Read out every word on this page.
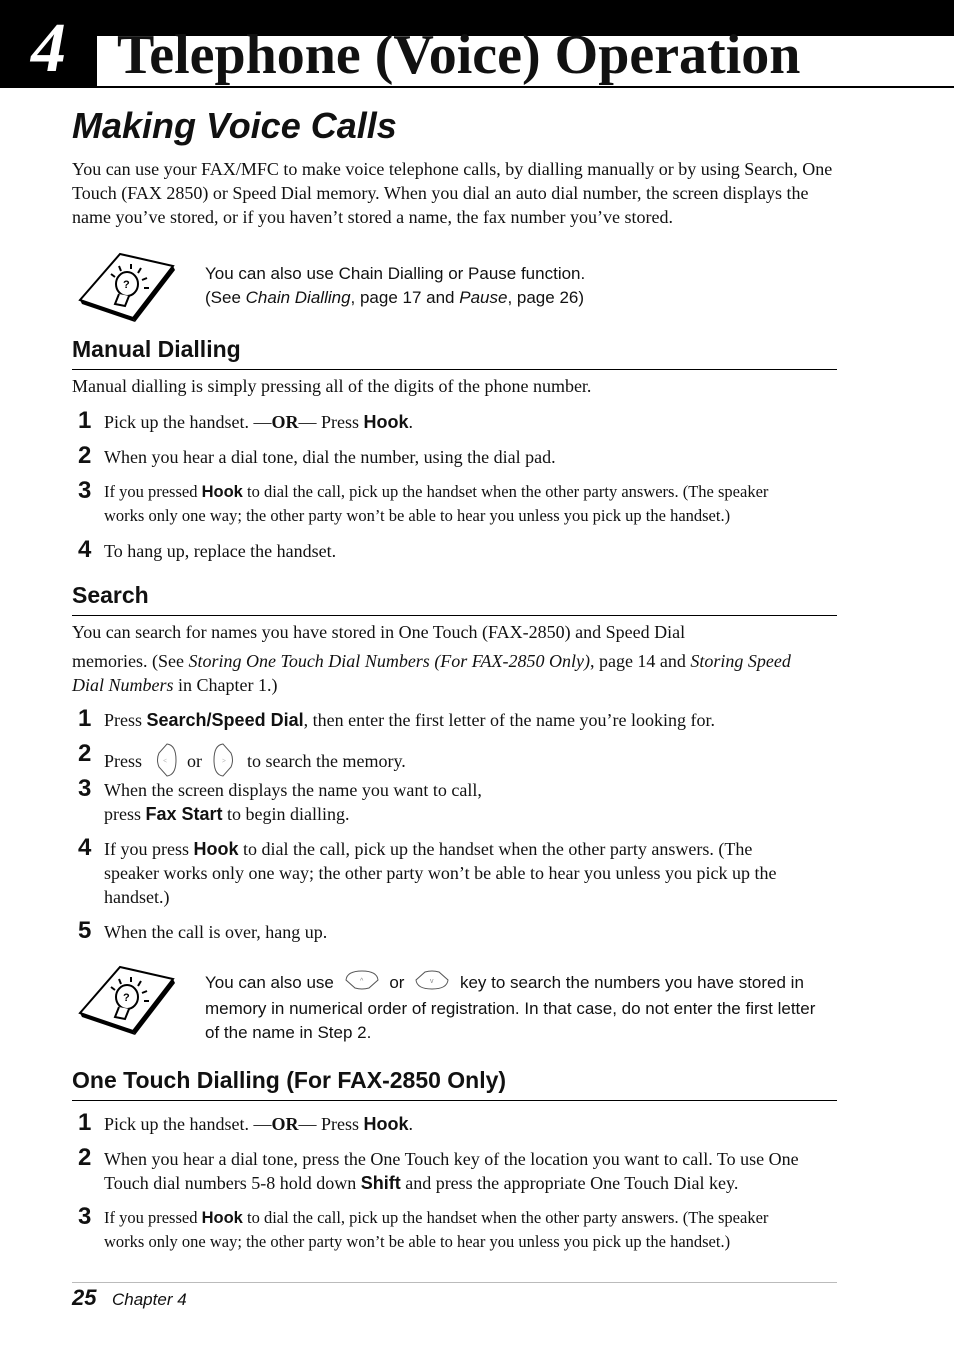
4 Telephone (Voice) Operation
Making Voice Calls
You can use your FAX/MFC to make voice telephone calls, by dialling manually or by using Search, One Touch (FAX 2850) or Speed Dial memory. When you dial an auto dial number, the screen displays the name you’ve stored, or if you haven’t stored a name, the fax number you’ve stored.
?
You can also use Chain Dialling or Pause function.
(See Chain Dialling, page 17 and Pause, page 26)
Manual Dialling
Manual dialling is simply pressing all of the digits of the phone number.
1 Pick up the handset. —OR— Press Hook.
2 When you hear a dial tone, dial the number, using the dial pad.
3 If you pressed Hook to dial the call, pick up the handset when the other party answers. (The speaker
works only one way; the other party won’t be able to hear you unless you pick up the handset.)
4 To hang up, replace the handset.
Search
You can search for names you have stored in One Touch (FAX-2850) and Speed Dial
memories. (See Storing One Touch Dial Numbers (For FAX-2850 Only), page 14 and Storing Speed
Dial Numbers in Chapter 1.)
1 Press Search/Speed Dial, then enter the first letter of the name you’re looking for.
2 Press	< or	> to search the memory.
3 When the screen displays the name you want to call,
press Fax Start to begin dialling.
4 If you press Hook to dial the call, pick up the handset when the other party answers. (The
speaker works only one way; the other party won’t be able to hear you unless you pick up the
handset.)
5 When the call is over, hang up.
?
You can also use	^ or	v key to search the numbers you have stored in
memory in numerical order of registration. In that case, do not enter the first letter
of the name in Step 2.
One Touch Dialling (For FAX-2850 Only)
1 Pick up the handset. —OR— Press Hook.
2 When you hear a dial tone, press the One Touch key of the location you want to call. To use One
Touch dial numbers 5-8 hold down Shift and press the appropriate One Touch Dial key.
3 If you pressed Hook to dial the call, pick up the handset when the other party answers. (The speaker
works only one way; the other party won’t be able to hear you unless you pick up the handset.)
25 Chapter 4
